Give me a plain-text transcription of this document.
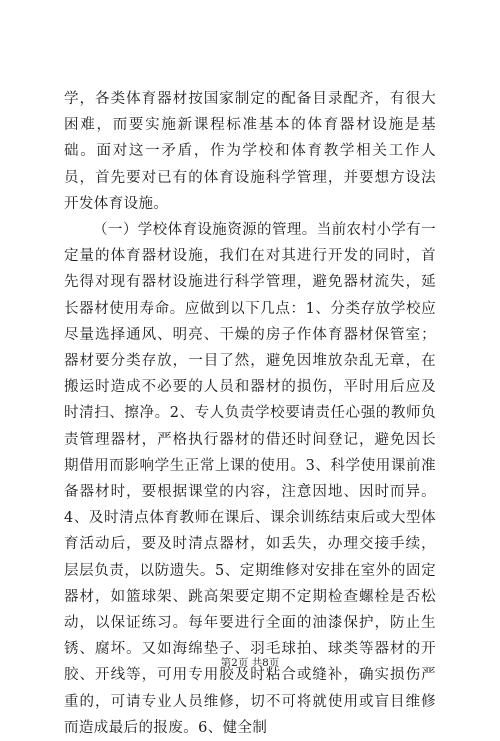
学，各类体育器材按国家制定的配备目录配齐，有很大困难，而要实施新课程标准基本的体育器材设施是基础。面对这一矛盾，作为学校和体育教学相关工作人员，首先要对已有的体育设施科学管理，并要想方设法开发体育设施。

（一）学校体育设施资源的管理。当前农村小学有一定量的体育器材设施，我们在对其进行开发的同时，首先得对现有器材设施进行科学管理，避免器材流失，延长器材使用寿命。应做到以下几点：1、分类存放学校应尽量选择通风、明亮、干燥的房子作体育器材保管室；器材要分类存放，一目了然，避免因堆放杂乱无章，在搬运时造成不必要的人员和器材的损伤，平时用后应及时清扫、擦净。2、专人负责学校要请责任心强的教师负责管理器材，严格执行器材的借还时间登记，避免因长期借用而影响学生正常上课的使用。3、科学使用课前准备器材时，要根据课堂的内容，注意因地、因时而异。4、及时清点体育教师在课后、课余训练结束后或大型体育活动后，要及时清点器材，如丢失，办理交接手续，层层负责，以防遗失。5、定期维修对安排在室外的固定器材，如篮球架、跳高架要定期不定期检查螺栓是否松动，以保证练习。每年要进行全面的油漆保护，防止生锈、腐坏。又如海绵垫子、羽毛球拍、球类等器材的开胶、开线等，可用专用胶及时粘合或缝补，确实损伤严重的，可请专业人员维修，切不可将就使用或盲目维修而造成最后的报废。6、健全制

第2页 共8页
